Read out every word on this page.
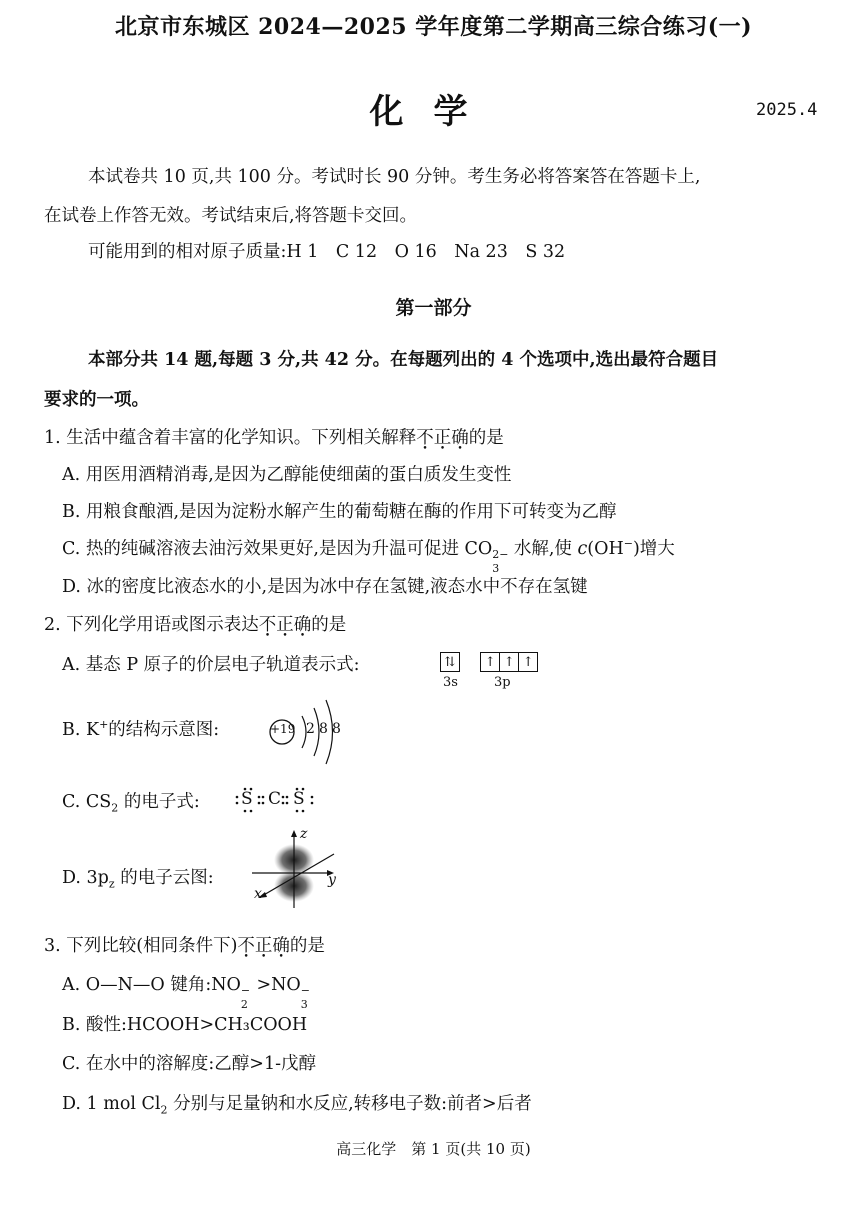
北京市东城区 2024—2025 学年度第二学期高三综合练习(一)
化学	2025.4
本试卷共 10 页,共 100 分。考试时长 90 分钟。考生务必将答案答在答题卡上,
在试卷上作答无效。考试结束后,将答题卡交回。
可能用到的相对原子质量:H 1　C 12　O 16　Na 23　S 32
第一部分
本部分共 14 题,每题 3 分,共 42 分。在每题列出的 4 个选项中,选出最符合题目
要求的一项。
1. 生活中蕴含着丰富的化学知识。下列相关解释不正确的是
A. 用医用酒精消毒,是因为乙醇能使细菌的蛋白质发生变性
B. 用粮食酿酒,是因为淀粉水解产生的葡萄糖在酶的作用下可转变为乙醇
C. 热的纯碱溶液去油污效果更好,是因为升温可促进 CO 2−
3
水解,使 c(OH−)增大
D. 冰的密度比液态水的小,是因为冰中存在氢键,液态水中不存在氢键
2. 下列化学用语或图示表达不正确的是
A. 基态 P 原子的价层电子轨道表示式:	⇅ ↑ ↑ ↑
3s	3p
B. K+的结构示意图:	+19 2 8 8
C. $CS_2$ 的电子式: S C S
D. $3p_z$ 的电子云图:
z
y
x
3. 下列比较(相同条件下)不正确的是
A. O—N—O 键角:NO −
2
>NO −
3
B. 酸性:HCOOH>CH₃COOH
C. 在水中的溶解度:乙醇>1-戊醇
D. 1 mol $Cl_2$ 分别与足量钠和水反应,转移电子数:前者>后者
高三化学　第 1 页(共 10 页)
